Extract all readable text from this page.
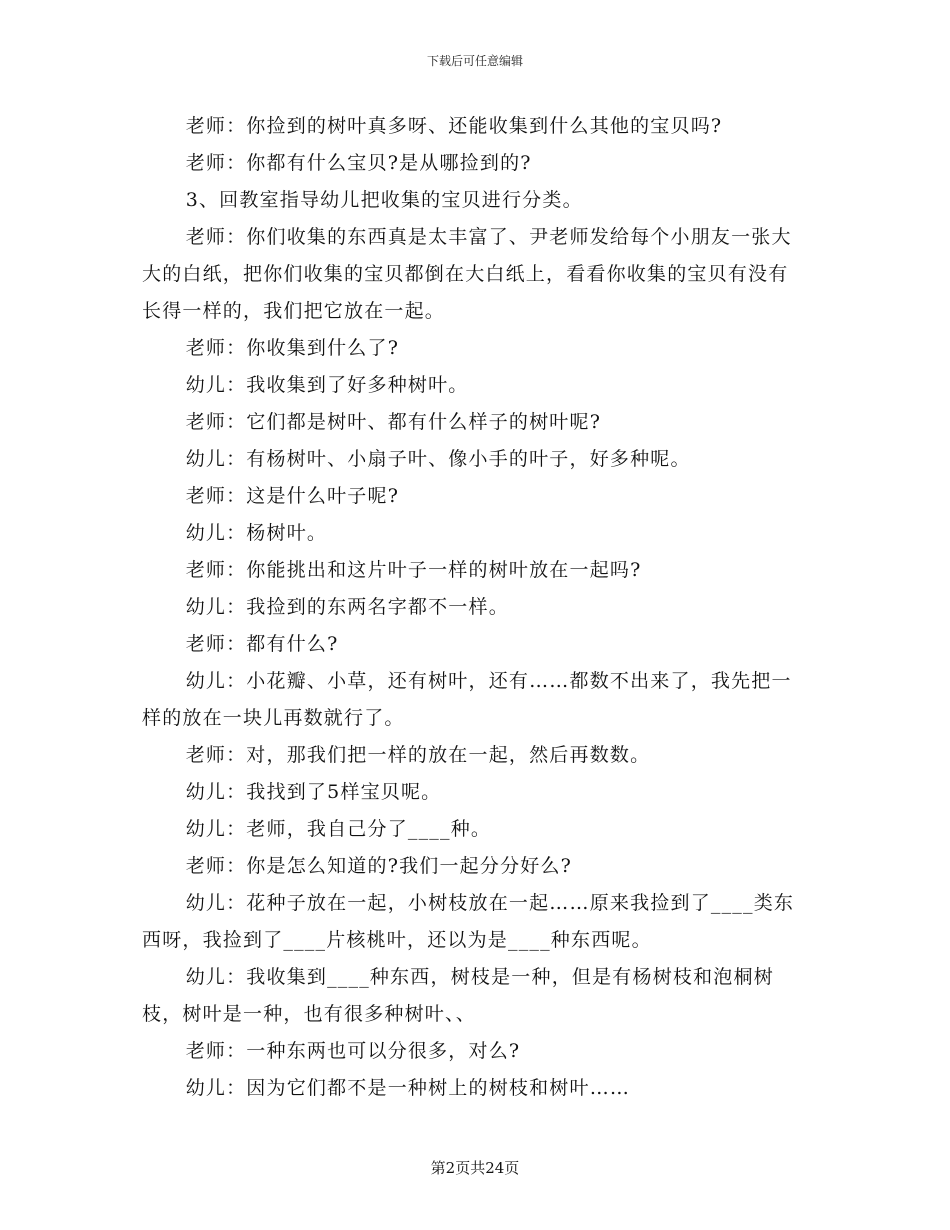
下载后可任意编辑

老师：你捡到的树叶真多呀、还能收集到什么其他的宝贝吗?

老师：你都有什么宝贝?是从哪捡到的?

3、回教室指导幼儿把收集的宝贝进行分类。

老师：你们收集的东西真是太丰富了、尹老师发给每个小朋友一张大大的白纸，把你们收集的宝贝都倒在大白纸上，看看你收集的宝贝有没有长得一样的，我们把它放在一起。

老师：你收集到什么了?

幼儿：我收集到了好多种树叶。

老师：它们都是树叶、都有什么样子的树叶呢?

幼儿：有杨树叶、小扇子叶、像小手的叶子，好多种呢。

老师：这是什么叶子呢?

幼儿：杨树叶。

老师：你能挑出和这片叶子一样的树叶放在一起吗?

幼儿：我捡到的东两名字都不一样。

老师：都有什么?

幼儿：小花瓣、小草，还有树叶，还有……都数不出来了，我先把一样的放在一块儿再数就行了。

老师：对，那我们把一样的放在一起，然后再数数。

幼儿：我找到了5样宝贝呢。

幼儿：老师，我自己分了____种。

老师：你是怎么知道的?我们一起分分好么?

幼儿：花种子放在一起，小树枝放在一起……原来我捡到了____类东西呀，我捡到了____片核桃叶，还以为是____种东西呢。

幼儿：我收集到____种东西，树枝是一种，但是有杨树枝和泡桐树枝，树叶是一种，也有很多种树叶、、

老师：一种东两也可以分很多，对么?

幼儿：因为它们都不是一种树上的树枝和树叶……

第2页共24页
